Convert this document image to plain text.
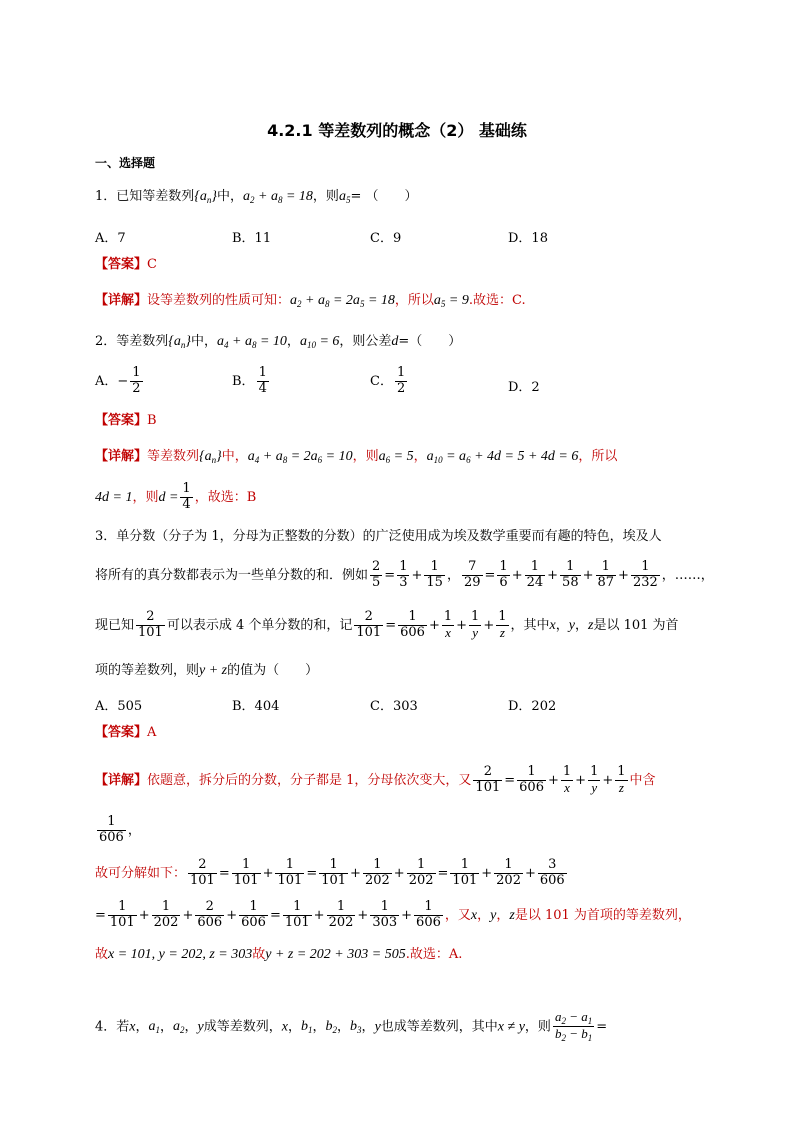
4.2.1 等差数列的概念（2） 基础练
一、选择题
1．已知等差数列$\{a_n\}$中，$a_2 + a_8 = 18$，则$a_5=$ （　　）
A．7	B．11	C．9	D．18
【答案】C
【详解】设等差数列的性质可知：$a_2 + a_8 = 2a_5 = 18$，所以$a_5 = 9$.故选：C.
2．等差数列$\{a_n\}$中，$a_4 + a_8 = 10$，$a_{10} = 6$，则公差d=（　　）
A．− $\frac{1}{2}$	B． $\frac{1}{4}$	C． $\frac{1}{2}$	D．2
【答案】B
【详解】等差数列$\{a_n\}$中，$a_4 + a_8 = 2a_6 = 10$，则$a_6 = 5$，$a_{10} = a_6 + 4d = 5 + 4d = 6$，所以
4d = 1，则$d = \frac{1}{4}$ ，故选：B
3．单分数（分子为 1，分母为正整数的分数）的广泛使用成为埃及数学重要而有趣的特色，埃及人
将所有的真分数都表示为一些单分数的和．例如 $\frac{2}{5} = \frac{1}{3} + \frac{1}{15}$ ， $\frac{7}{29} = \frac{1}{6} + \frac{1}{24} + \frac{1}{58} + \frac{1}{87} + \frac{1}{232}$ ，……，
现已知 $\frac{2}{101}$ 可以表示成 4 个单分数的和，记 $\frac{2}{101} = \frac{1}{606} + \frac{1}{x} + \frac{1}{y} + \frac{1}{z}$ ，其中x，y，z是以 101 为首
项的等差数列，则y + z的值为（　　）
A．505	B．404	C．303	D．202
【答案】A
【详解】依题意，拆分后的分数，分子都是 1，分母依次变大，又 $\frac{2}{101} = \frac{1}{606} + \frac{1}{x} + \frac{1}{y} + \frac{1}{z}$ 中含
$\frac{1}{606}$ ，
故可分解如下： $\frac{2}{101} = \frac{1}{101} + \frac{1}{101} = \frac{1}{101} + \frac{1}{202} + \frac{1}{202} = \frac{1}{101} + \frac{1}{202} + \frac{3}{606}$
= $\frac{1}{101} + \frac{1}{202} + \frac{2}{606} + \frac{1}{606} = \frac{1}{101} + \frac{1}{202} + \frac{1}{303} + \frac{1}{606}$ ，又x，y，z是以 101 为首项的等差数列，
故x = 101, y = 202, z = 303故y + z = 202 + 303 = 505.故选：A.
4．若x，$a_1$，$a_2$，y成等差数列，x，$b_1$，$b_2$，$b_3$，y也成等差数列，其中x ≠ y，则 $\frac{a_2 - a_1}{b_2 - b_1}$ =
